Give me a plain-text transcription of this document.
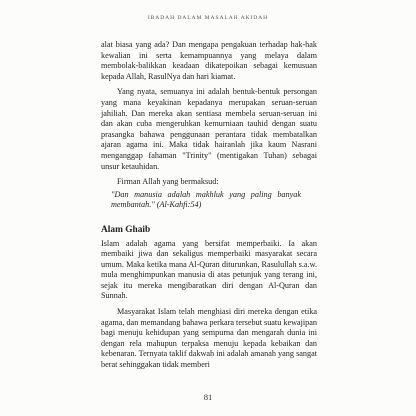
IBADAH DALAM MASALAH AKIDAH

alat biasa yang ada? Dan mengapa pengakuan terhadap hak-hak kewalian ini serta kemampuannya yang melaya dalam membolak-balikkan keadaan dikatepoikan sebagai kemusuan kepada Allah, RasulNya dan hari kiamat.

Yang nyata, semuanya ini adalah bentuk-bentuk persongan yang mana keyakinan kepadanya merupakan seruan-seruan jahiliah. Dan mereka akan sentiasa membela seruan-seruan ini dan akan cuba mengeruhkan kemurniaan tauhid dengan suatu prasangka bahawa penggunaan perantara tidak membatalkan ajaran agama ini. Maka tidak hairanlah jika kaum Nasrani menganggap fahaman "Trinity" (mentigakan Tuhan) sebagai unsur ketauhidan.

Firman Allah yang bermaksud:

"Dan manusia adalah makhluk yang paling banyak membantah." (Al-Kahfi:54)

Alam Ghaib

Islam adalah agama yang bersifat memperbaiki. Ia akan membaiki jiwa dan sekaligus memperbaiki masyarakat secara umum. Maka ketika mana Al-Quran diturunkan, Rasulullah s.a.w. mula menghimpunkan manusia di atas petunjuk yang terang ini, sejak itu mereka mengibaratkan diri dengan Al-Quran dan Sunnah.

Masyarakat Islam telah menghiasi diri mereka dengan etika agama, dan memandang bahawa perkara tersebut suatu kewajipan bagi menuju kehidupan yang sempurna dan mengarah dunia ini dengan rela mahupun terpaksa menuju kepada kebaikan dan kebenaran. Ternyata taklif dakwah ini adalah amanah yang sangat berat sehinggakan tidak memberi

81
